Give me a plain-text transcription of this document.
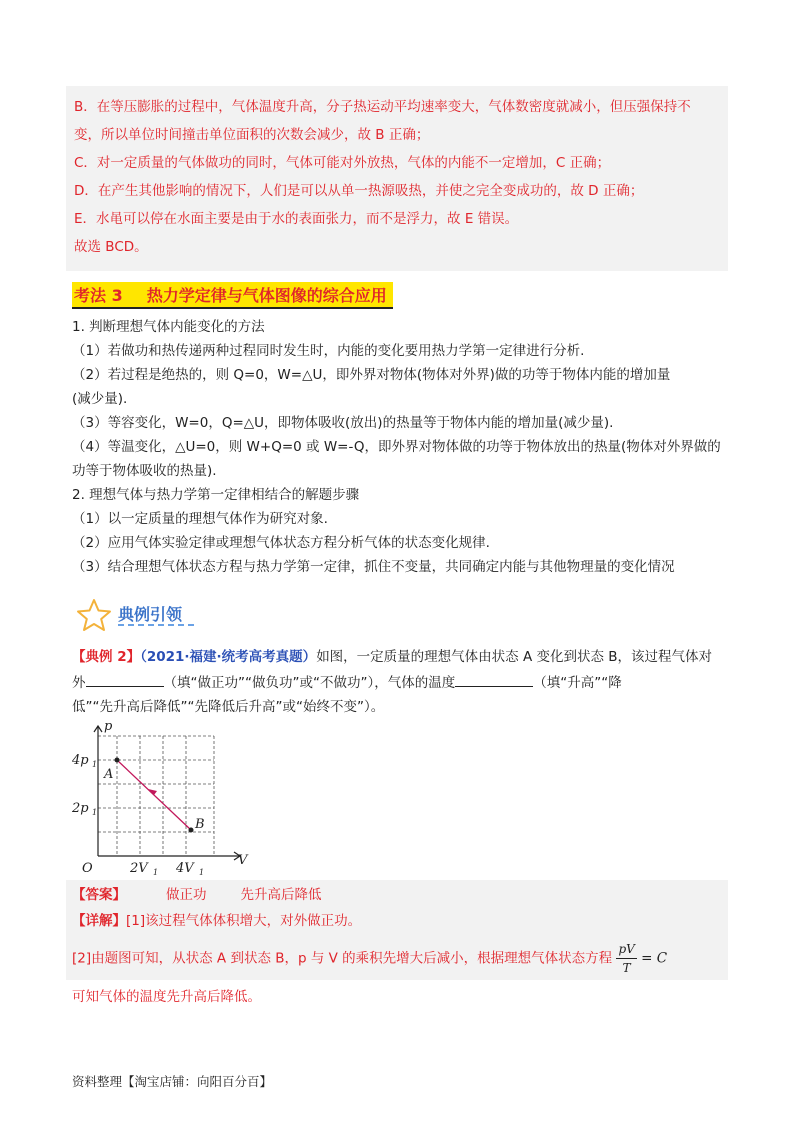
B．在等压膨胀的过程中，气体温度升高，分子热运动平均速率变大，气体数密度就减小，但压强保持不
变，所以单位时间撞击单位面积的次数会减少，故 B 正确；
C．对一定质量的气体做功的同时，气体可能对外放热，气体的内能不一定增加，C 正确；
D．在产生其他影响的情况下，人们是可以从单一热源吸热，并使之完全变成功的，故 D 正确；
E．水黾可以停在水面主要是由于水的表面张力，而不是浮力，故 E 错误。
故选 BCD。
考法 3 热力学定律与气体图像的综合应用
1. 判断理想气体内能变化的方法
（1）若做功和热传递两种过程同时发生时，内能的变化要用热力学第一定律进行分析.
（2）若过程是绝热的，则 Q=0，W=△U，即外界对物体(物体对外界)做的功等于物体内能的增加量
(减少量).
（3）等容变化，W=0，Q=△U，即物体吸收(放出)的热量等于物体内能的增加量(减少量).
（4）等温变化，△U=0，则 W+Q=0 或 W=-Q，即外界对物体做的功等于物体放出的热量(物体对外界做的
功等于物体吸收的热量).
2. 理想气体与热力学第一定律相结合的解题步骤
（1）以一定质量的理想气体作为研究对象.
（2）应用气体实验定律或理想气体状态方程分析气体的状态变化规律.
（3）结合理想气体状态方程与热力学第一定律，抓住不变量，共同确定内能与其他物理量的变化情况
典例引领
【典例 2】（2021·福建·统考高考真题）如图，一定质量的理想气体由状态 A 变化到状态 B，该过程气体对
外	（填“做正功”“做负功”或“不做功”），气体的温度	（填“升高”“降
低”“先升高后降低”“先降低后升高”或“始终不变”）。
p
V
O
4p 1
2p 1
2V 1 4V 1
A
B
【答案】	做正功	先升高后降低
【详解】[1]该过程气体体积增大，对外做正功。
[2]由题图可知，从状态 A 到状态 B，p 与 V 的乘积先增大后减小，根据理想气体状态方程 $\frac{pV}{T} = C$
可知气体的温度先升高后降低。
资料整理【淘宝店铺：向阳百分百】
